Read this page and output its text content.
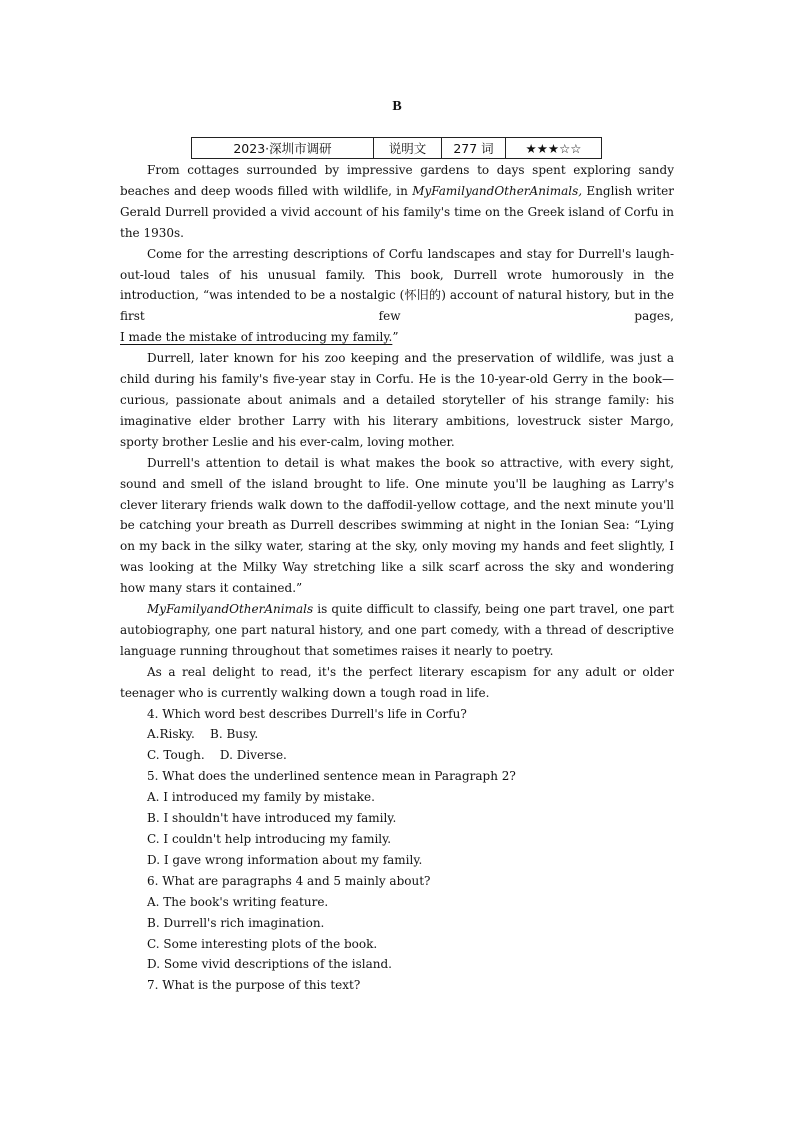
B
2023·深圳市调研	说明文	277 词	★★★☆☆

From cottages surrounded by impressive gardens to days spent exploring sandy beaches and deep woods filled with wildlife, in MyFamilyandOtherAnimals, English writer Gerald Durrell provided a vivid account of his family's time on the Greek island of Corfu in the 1930s.

Come for the arresting descriptions of Corfu landscapes and stay for Durrell's laugh-out-loud tales of his unusual family. This book, Durrell wrote humorously in the introduction, “was intended to be a nostalgic (怀旧的) account of natural history, but in the first few pages,

I made the mistake of introducing my family.”

Durrell, later known for his zoo keeping and the preservation of wildlife, was just a child during his family's five-year stay in Corfu. He is the 10-year-old Gerry in the book—curious, passionate about animals and a detailed storyteller of his strange family: his imaginative elder brother Larry with his literary ambitions, lovestruck sister Margo, sporty brother Leslie and his ever-calm, loving mother.

Durrell's attention to detail is what makes the book so attractive, with every sight, sound and smell of the island brought to life. One minute you'll be laughing as Larry's clever literary friends walk down to the daffodil-yellow cottage, and the next minute you'll be catching your breath as Durrell describes swimming at night in the Ionian Sea: “Lying on my back in the silky water, staring at the sky, only moving my hands and feet slightly, I was looking at the Milky Way stretching like a silk scarf across the sky and wondering how many stars it contained.”

MyFamilyandOtherAnimals is quite difficult to classify, being one part travel, one part autobiography, one part natural history, and one part comedy, with a thread of descriptive language running throughout that sometimes raises it nearly to poetry.

As a real delight to read, it's the perfect literary escapism for any adult or older teenager who is currently walking down a tough road in life.

4. Which word best describes Durrell's life in Corfu?

A.Risky.    B. Busy.

C. Tough.    D. Diverse.

5. What does the underlined sentence mean in Paragraph 2?

A. I introduced my family by mistake.

B. I shouldn't have introduced my family.

C. I couldn't help introducing my family.

D. I gave wrong information about my family.

6. What are paragraphs 4 and 5 mainly about?

A. The book's writing feature.

B. Durrell's rich imagination.

C. Some interesting plots of the book.

D. Some vivid descriptions of the island.

7. What is the purpose of this text?
